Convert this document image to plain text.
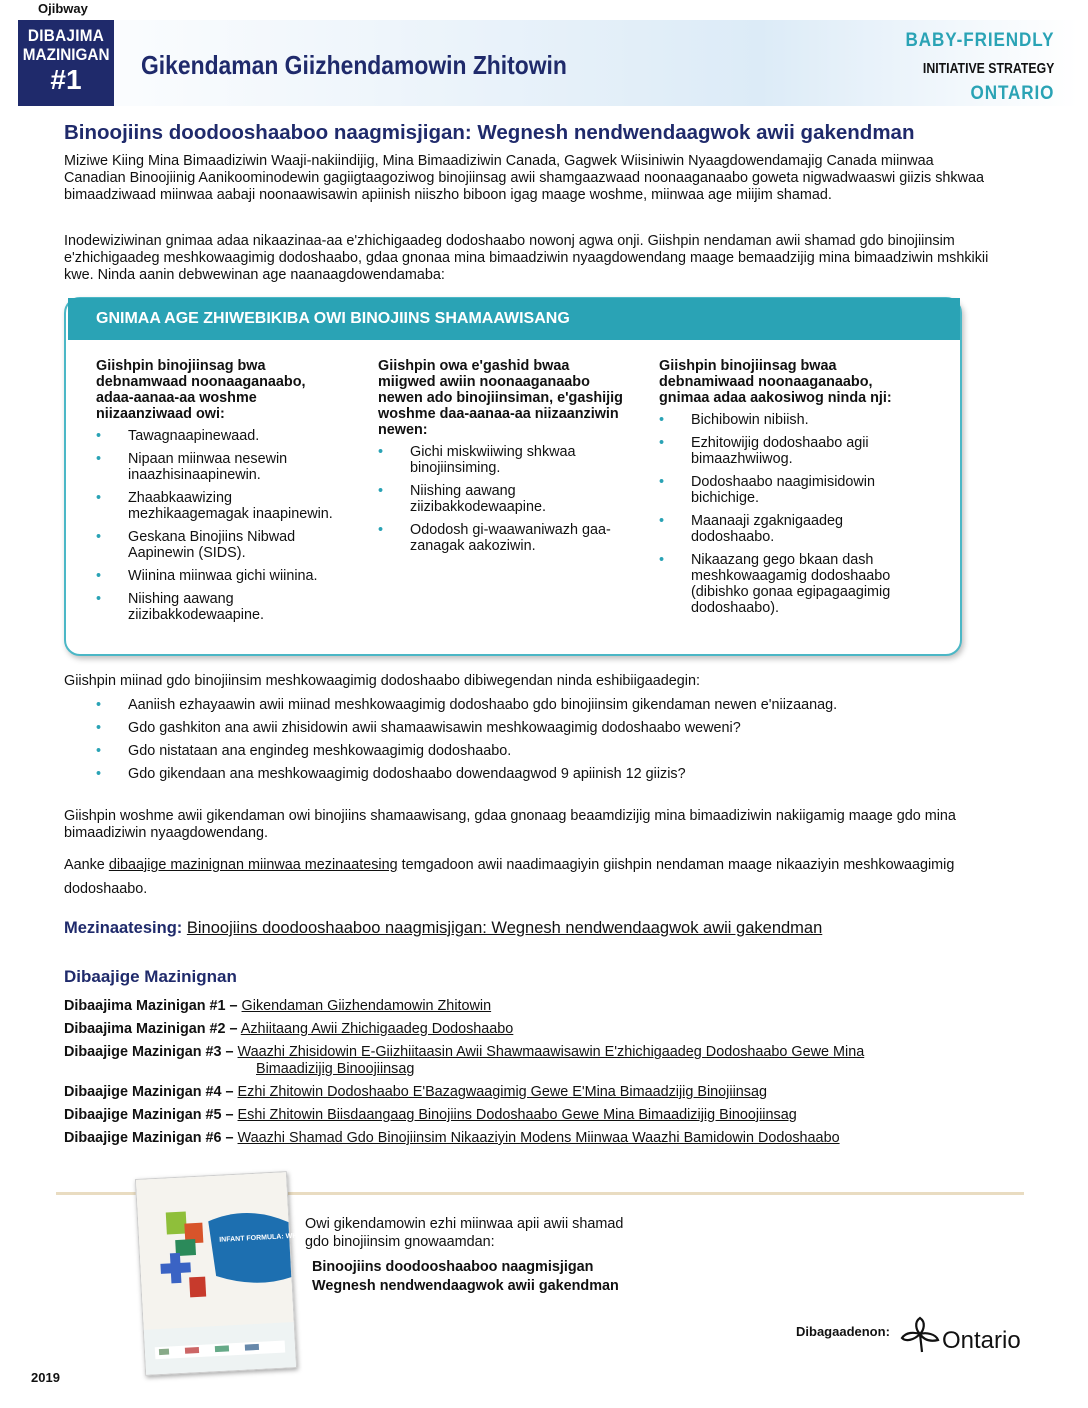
Ojibway
DIBAJIMA
MAZINIGAN
#1	Gikendaman Giizhendamowin Zhitowin
BABY-FRIENDLY
INITIATIVE STRATEGY
ONTARIO
Binoojiins doodooshaaboo naagmisjigan: Wegnesh nendwendaagwok awii gakendman
Miziwe Kiing Mina Bimaadiziwin Waaji-nakiindijig, Mina Bimaadiziwin Canada, Gagwek Wiisiniwin Nyaagdowendamajig Canada miinwaa Canadian Binoojiinig Aanikoominodewin gagiigtaagoziwog binojiinsag awii shamgaazwaad noonaaganaabo goweta nigwadwaaswi giizis shkwaa bimaadziwaad miinwaa aabaji noonaawisawin apiinish niiszho biboon igag maage woshme, miinwaa age miijim shamad.
Inodewiziwinan gnimaa adaa nikaazinaa-aa e'zhichigaadeg dodoshaabo nowonj agwa onji. Giishpin nendaman awii shamad gdo binojiinsim e'zhichigaadeg meshkowaagimig dodoshaabo, gdaa gnonaa mina bimaadziwin nyaagdowendang maage bemaadzijig mina bimaadziwin mshkikii kwe. Ninda aanin debwewinan age naanaagdowendamaba:
GNIMAA AGE ZHIWEBIKIBA OWI BINOJIINS SHAMAAWISANG
Giishpin binojiinsag bwa debnamwaad noonaaganaabo, adaa-aanaa-aa woshme niizaanziwaad owi:
• Tawagnaapinewaad.
• Nipaan miinwaa nesewin inaazhisinaapinewin.
• Zhaabkaawizing mezhikaagemagak inaapinewin.
• Geskana Binojiins Nibwad Aapinewin (SIDS).
• Wiinina miinwaa gichi wiinina.
• Niishing aawang ziizibakkodewaapine.
Giishpin owa e'gashid bwaa miigwed awiin noonaaganaabo newen ado binojiinsiman, e'gashijig woshme daa-aanaa-aa niizaanziwin newen:
• Gichi miskwiiwing shkwaa binojiinsiming.
• Niishing aawang ziizibakkodewaapine.
• Ododosh gi-waawaniwazh gaa-zanagak aakoziwin.
Giishpin binojiinsag bwaa debnamiwaad noonaaganaabo, gnimaa adaa aakosiwog ninda nji:
• Bichibowin nibiish.
• Ezhitowijig dodoshaabo agii bimaazhwiiwog.
• Dodoshaabo naagimisidowin bichichige.
• Maanaaji zgaknigaadeg dodoshaabo.
• Nikaazang gego bkaan dash meshkowaagamig dodoshaabo (dibishko gonaa egipagaagimig dodoshaabo).
Giishpin miinad gdo binojiinsim meshkowaagimig dodoshaabo dibiwegendan ninda eshibiigaadegin:
• Aaniish ezhayaawin awii miinad meshkowaagimig dodoshaabo gdo binojiinsim gikendaman newen e'niizaanag.
• Gdo gashkiton ana awii zhisidowin awii shamaawisawin meshkowaagimig dodoshaabo weweni?
• Gdo nistataan ana engindeg meshkowaagimig dodoshaabo.
• Gdo gikendaan ana meshkowaagimig dodoshaabo dowendaagwod 9 apiinish 12 giizis?
Giishpin woshme awii gikendaman owi binojiins shamaawisang, gdaa gnonaag beaamdizijig mina bimaadiziwin nakiigamig maage gdo mina bimaadiziwin nyaagdowendang.
Aanke dibaajige mazinignan miinwaa mezinaatesing temgadoon awii naadimaagiyin giishpin nendaman maage nikaaziyin meshkowaagimig dodoshaabo.
Mezinaatesing: Binoojiins doodooshaaboo naagmisjigan: Wegnesh nendwendaagwok awii gakendman
Dibaajige Mazinignan
Dibaajima Mazinigan #1 – Gikendaman Giizhendamowin Zhitowin
Dibaajima Mazinigan #2 – Azhiitaang Awii Zhichigaadeg Dodoshaabo
Dibaajige Mazinigan #3 – Waazhi Zhisidowin E-Giizhiitaasin Awii Shawmaawisawin E'zhichigaadeg Dodoshaabo Gewe Mina
Bimaadizijig Binoojiinsag
Dibaajige Mazinigan #4 – Ezhi Zhitowin Dodoshaabo E'Bazagwaagimig Gewe E'Mina Bimaadzijig Binojiinsag
Dibaajige Mazinigan #5 – Eshi Zhitowin Biisdaangaag Binojiins Dodoshaabo Gewe Mina Bimaadizijig Binoojiinsag
Dibaajige Mazinigan #6 – Waazhi Shamad Gdo Binojiinsim Nikaaziyin Modens Miinwaa Waazhi Bamidowin Dodoshaabo
INFANT FORMULA: WHAT YOU NEED TO KNOW
Owi gikendamowin ezhi miinwaa apii awii shamad
gdo binojiinsim gnowaamdan:
Binoojiins doodooshaaboo naagmisjigan
Wegnesh nendwendaagwok awii gakendman
Dibagaadenon: Ontario
2019
